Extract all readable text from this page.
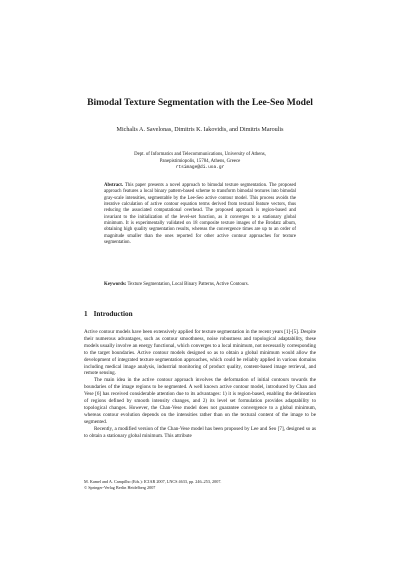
Bimodal Texture Segmentation with the Lee-Seo Model
Michalis A. Savelonas, Dimitris K. Iakovidis, and Dimitris Maroulis
Dept. of Informatics and Telecommunications, University of Athens,
Panepistimiopolis, 15784, Athens, Greece
rtsimage@di.uoa.gr
Abstract. This paper presents a novel approach to bimodal texture segmentation. The proposed approach features a local binary pattern-based scheme to transform bimodal textures into bimodal gray-scale intensities, segmentable by the Lee-Seo active contour model. This process avoids the iterative calculation of active contour equation terms derived from textural feature vectors, thus reducing the associated computational overhead. The proposed approach is region-based and invariant to the initialization of the level-set function, as it converges to a stationary global minimum. It is experimentally validated on 18 composite texture images of the Brodatz album, obtaining high quality segmentation results, whereas the convergence times are up to an order of magnitude smaller than the ones reported for other active contour approaches for texture segmentation.
Keywords: Texture Segmentation, Local Binary Patterns, Active Contours.
1 Introduction

Active contour models have been extensively applied for texture segmentation in the recent years [1]-[5]. Despite their numerous advantages, such as contour smoothness, noise robustness and topological adaptability, these models usually involve an energy functional, which converges to a local minimum, not necessarily corresponding to the target boundaries. Active contour models designed so as to obtain a global minimum would allow the development of integrated texture segmentation approaches, which could be reliably applied in various domains including medical image analysis, industrial monitoring of product quality, content-based image retrieval, and remote sensing.

The main idea in the active contour approach involves the deformation of initial contours towards the boundaries of the image regions to be segmented. A well known active contour model, introduced by Chan and Vese [6] has received considerable attention due to its advantages: 1) it is region-based, enabling the delineation of regions defined by smooth intensity changes, and 2) its level set formulation provides adaptability to topological changes. However, the Chan-Vese model does not guarantee convergence to a global minimum, whereas contour evolution depends on the intensities rather than on the textural content of the image to be segmented.

Recently, a modified version of the Chan-Vese model has been proposed by Lee and Seo [7], designed so as to obtain a stationary global minimum. This attribute

M. Kamel and A. Campilho (Eds.): ICIAR 2007, LNCS 4633, pp. 246–253, 2007.
© Springer-Verlag Berlin Heidelberg 2007
